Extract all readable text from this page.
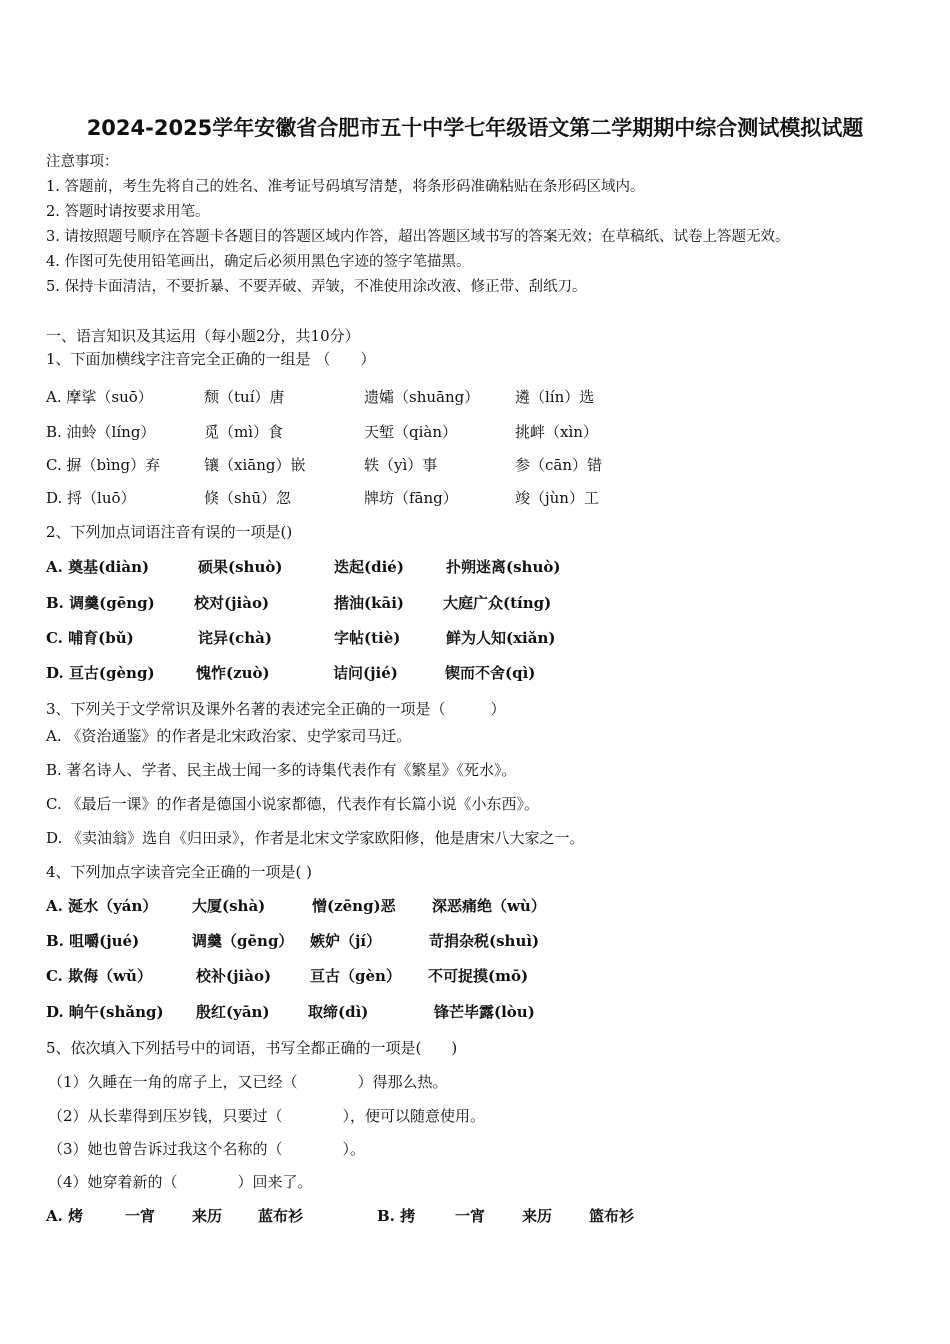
2024-2025学年安徽省合肥市五十中学七年级语文第二学期期中综合测试模拟试题
注意事项：
1. 答题前，考生先将自己的姓名、准考证号码填写清楚，将条形码准确粘贴在条形码区域内。
2. 答题时请按要求用笔。
3. 请按照题号顺序在答题卡各题目的答题区域内作答，超出答题区域书写的答案无效；在草稿纸、试卷上答题无效。
4. 作图可先使用铅笔画出，确定后必须用黑色字迹的签字笔描黑。
5. 保持卡面清洁，不要折暴、不要弄破、弄皱，不准使用涂改液、修正带、刮纸刀。
一、语言知识及其运用（每小题2分，共10分）
1、下面加横线字注音完全正确的一组是 （　　）
A. 摩挲（suō）	颓（tuí）唐	遗孀（shuāng） 遴（lín）选
B. 油蛉（líng）	觅（mì）食	天堑（qiàn）	挑衅（xìn）
C. 摒（bìng）弃	镶（xiāng）嵌	轶（yì）事	参（cān）错
D. 捋（luō）	倏（shū）忽	牌坊（fāng）	竣（jùn）工
2、下列加点词语注音有误的一项是()
A. 奠基(diàn)	硕果(shuò)	迭起(dié)	扑朔迷离(shuò)
B. 调羹(gēng)	校对(jiào)	揩油(kāi)	大庭广众(tíng)
C. 哺育(bǔ)	诧异(chà)	字帖(tiè)	鲜为人知(xiǎn)
D. 亘古(gèng)	愧怍(zuò)	诘问(jié)	锲而不舍(qì)
3、下列关于文学常识及课外名著的表述完全正确的一项是（　　　）
A. 《资治通鉴》的作者是北宋政治家、史学家司马迁。
B. 著名诗人、学者、民主战士闻一多的诗集代表作有《繁星》《死水》。
C. 《最后一课》的作者是德国小说家都德，代表作有长篇小说《小东西》。
D. 《卖油翁》选自《归田录》，作者是北宋文学家欧阳修，他是唐宋八大家之一。
4、下列加点字读音完全正确的一项是( )
A. 涎水（yán） 大厦(shà)	憎(zēng)恶 深恶痛绝（wù）
B. 咀嚼(jué)	调羹（gēng） 嫉妒（jí）	苛捐杂税(shuì)
C. 欺侮（wǔ）	校补(jiào)	亘古（gèn） 不可捉摸(mō)
D. 晌午(shǎng) 殷红(yān)	取缔(dì)	锋芒毕露(lòu)
5、依次填入下列括号中的词语，书写全都正确的一项是(　　)
（1）久睡在一角的席子上，又已经（　　　　）得那么热。
（2）从长辈得到压岁钱，只要过（　　　　），便可以随意使用。
（3）她也曾告诉过我这个名称的（　　　　）。
（4）她穿着新的（　　　　）回来了。
A. 烤	一宵 来历 蓝布衫	B. 拷	一宵 来历 篮布衫
